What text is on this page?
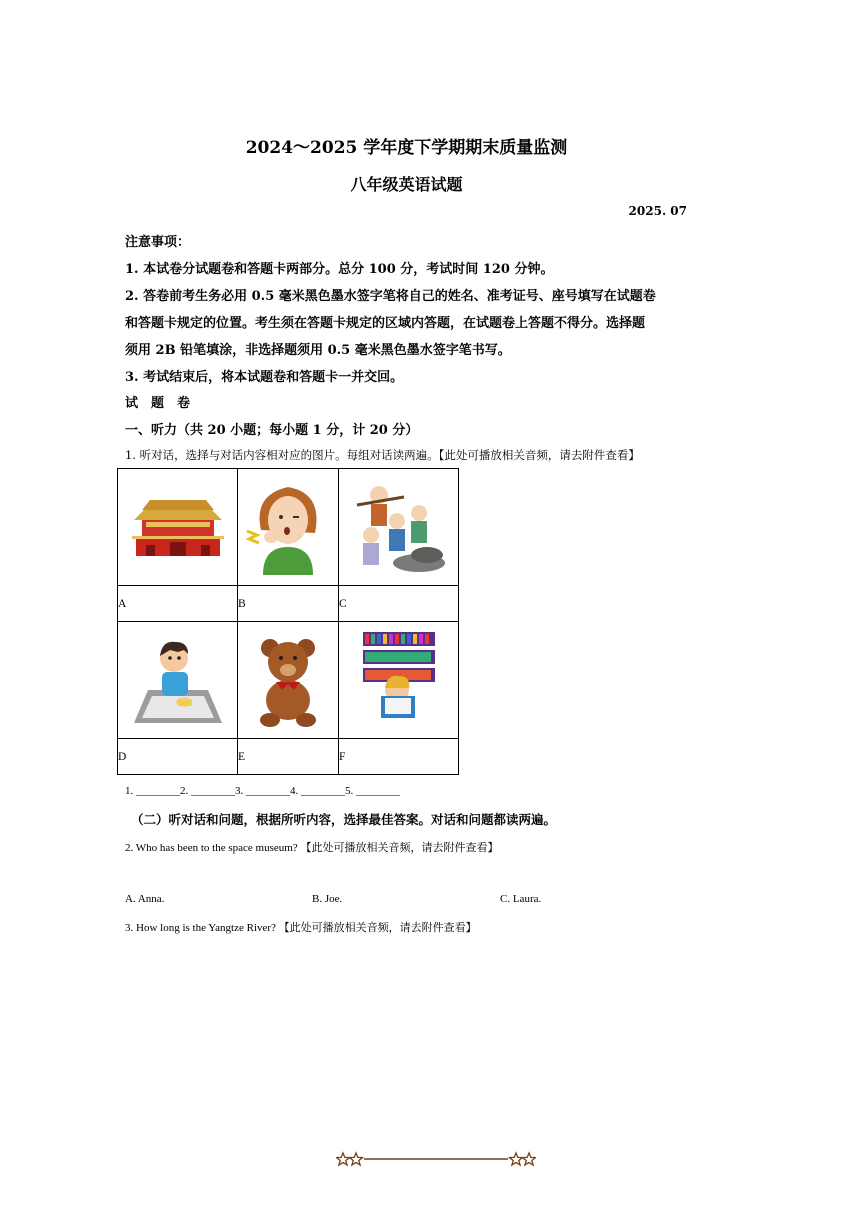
2024～2025 学年度下学期期末质量监测
八年级英语试题
2025. 07
注意事项：
1. 本试卷分试题卷和答题卡两部分。总分 100 分，考试时间 120 分钟。
2. 答卷前考生务必用 0.5 毫米黑色墨水签字笔将自己的姓名、准考证号、座号填写在试题卷
和答题卡规定的位置。考生须在答题卡规定的区域内答题，在试题卷上答题不得分。选择题
须用 2B 铅笔填涂，非选择题须用 0.5 毫米黑色墨水签字笔书写。
3. 考试结束后，将本试题卷和答题卡一并交回。
试　题　卷
一、听力（共 20 小题；每小题 1 分，计 20 分）
1. 听对话，选择与对话内容相对应的图片。每组对话读两遍。【此处可播放相关音频，请去附件查看】

A	B	C

D	E	F
1. ________2. ________3. ________4. ________5. ________
（二）听对话和问题，根据所听内容，选择最佳答案。对话和问题都读两遍。
2. Who has been to the space museum? 【此处可播放相关音频，请去附件查看】
A. Anna.	B. Joe.	C. Laura.
3. How long is the Yangtze River? 【此处可播放相关音频，请去附件查看】
